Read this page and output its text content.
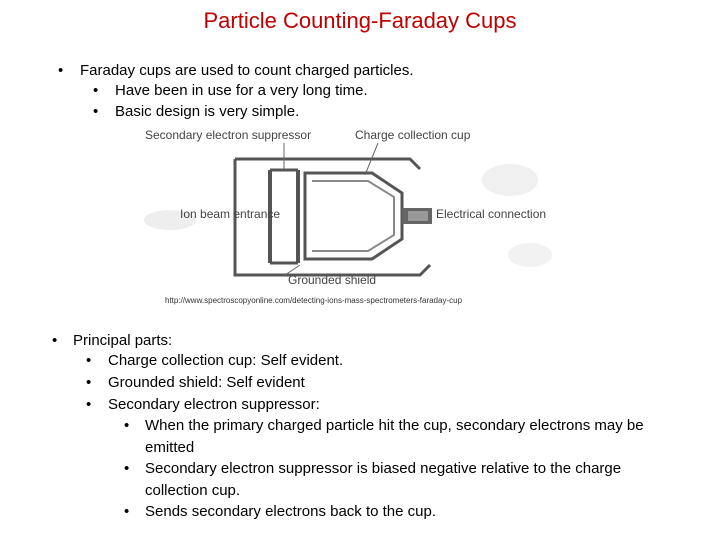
Particle Counting-Faraday Cups
• Faraday cups are used to count charged particles.
• Have been in use for a very long time.
• Basic design is very simple.
Secondary electron suppressor	Charge collection cup
Ion beam entrance	Electrical connection
Grounded shield
http://www.spectroscopyonline.com/detecting-ions-mass-spectrometers-faraday-cup
• Principal parts:
• Charge collection cup: Self evident.
• Grounded shield: Self evident
• Secondary electron suppressor:
• When the primary charged particle hit the cup, secondary electrons may be emitted
• Secondary electron suppressor is biased negative relative to the charge collection cup.
• Sends secondary electrons back to the cup.
